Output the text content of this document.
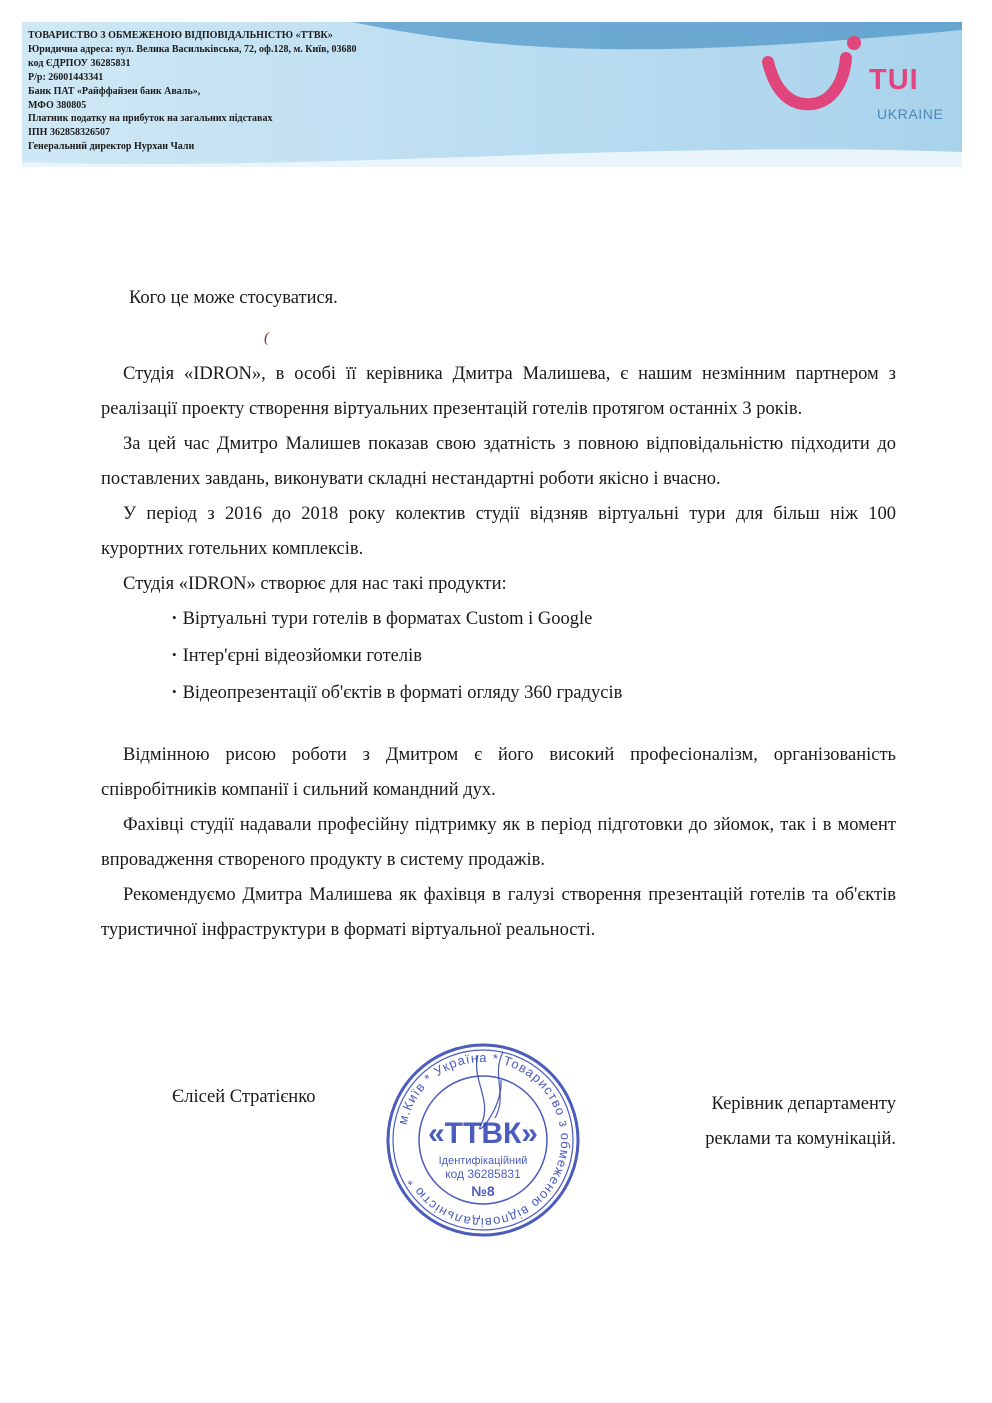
ТОВАРИСТВО З ОБМЕЖЕНОЮ ВІДПОВІДАЛЬНІСТЮ «ТТВК»
Юридична адреса: вул. Велика Васильківська, 72, оф.128, м. Київ, 03680
код ЄДРПОУ 36285831
Р/р: 26001443341
Банк ПАТ «Райффайзен банк Аваль»,
МФО 380805
Платник податку на прибуток на загальних підставах
ІПН 362858326507
Генеральний директор Нурхан Чали
TUI
UKRAINE
Кого це може стосуватися.
(
Студія «IDRON», в особі її керівника Дмитра Малишева, є нашим незмінним партнером з реалізації проекту створення віртуальних презентацій готелів протягом останніх 3 років.
За цей час Дмитро Малишев показав свою здатність з повною відповідальністю підходити до поставлених завдань, виконувати складні нестандартні роботи якісно і вчасно.
У період з 2016 до 2018 року колектив студії відзняв віртуальні тури для більш ніж 100 курортних готельних комплексів.
Студія «IDRON» створює для нас такі продукти:
• Віртуальні тури готелів в форматах Custom і Google
• Інтер'єрні відеозйомки готелів
• Відеопрезентації об'єктів в форматі огляду 360 градусів
Відмінною рисою роботи з Дмитром є його високий професіоналізм, організованість співробітників компанії і сильний командний дух.
Фахівці студії надавали професійну підтримку як в період підготовки до зйомок, так і в момент впровадження створеного продукту в систему продажів.
Рекомендуємо Дмитра Малишева як фахівця в галузі створення презентацій готелів та об'єктів туристичної інфраструктури в форматі віртуальної реальності.
Єлісей Стратієнко	Керівник департаменту
реклами та комунікацій.
м.Київ * Україна * Товариство з обмеженою відповідальністю *
«ТТВК»
Ідентифікаційний
код 36285831
№8
